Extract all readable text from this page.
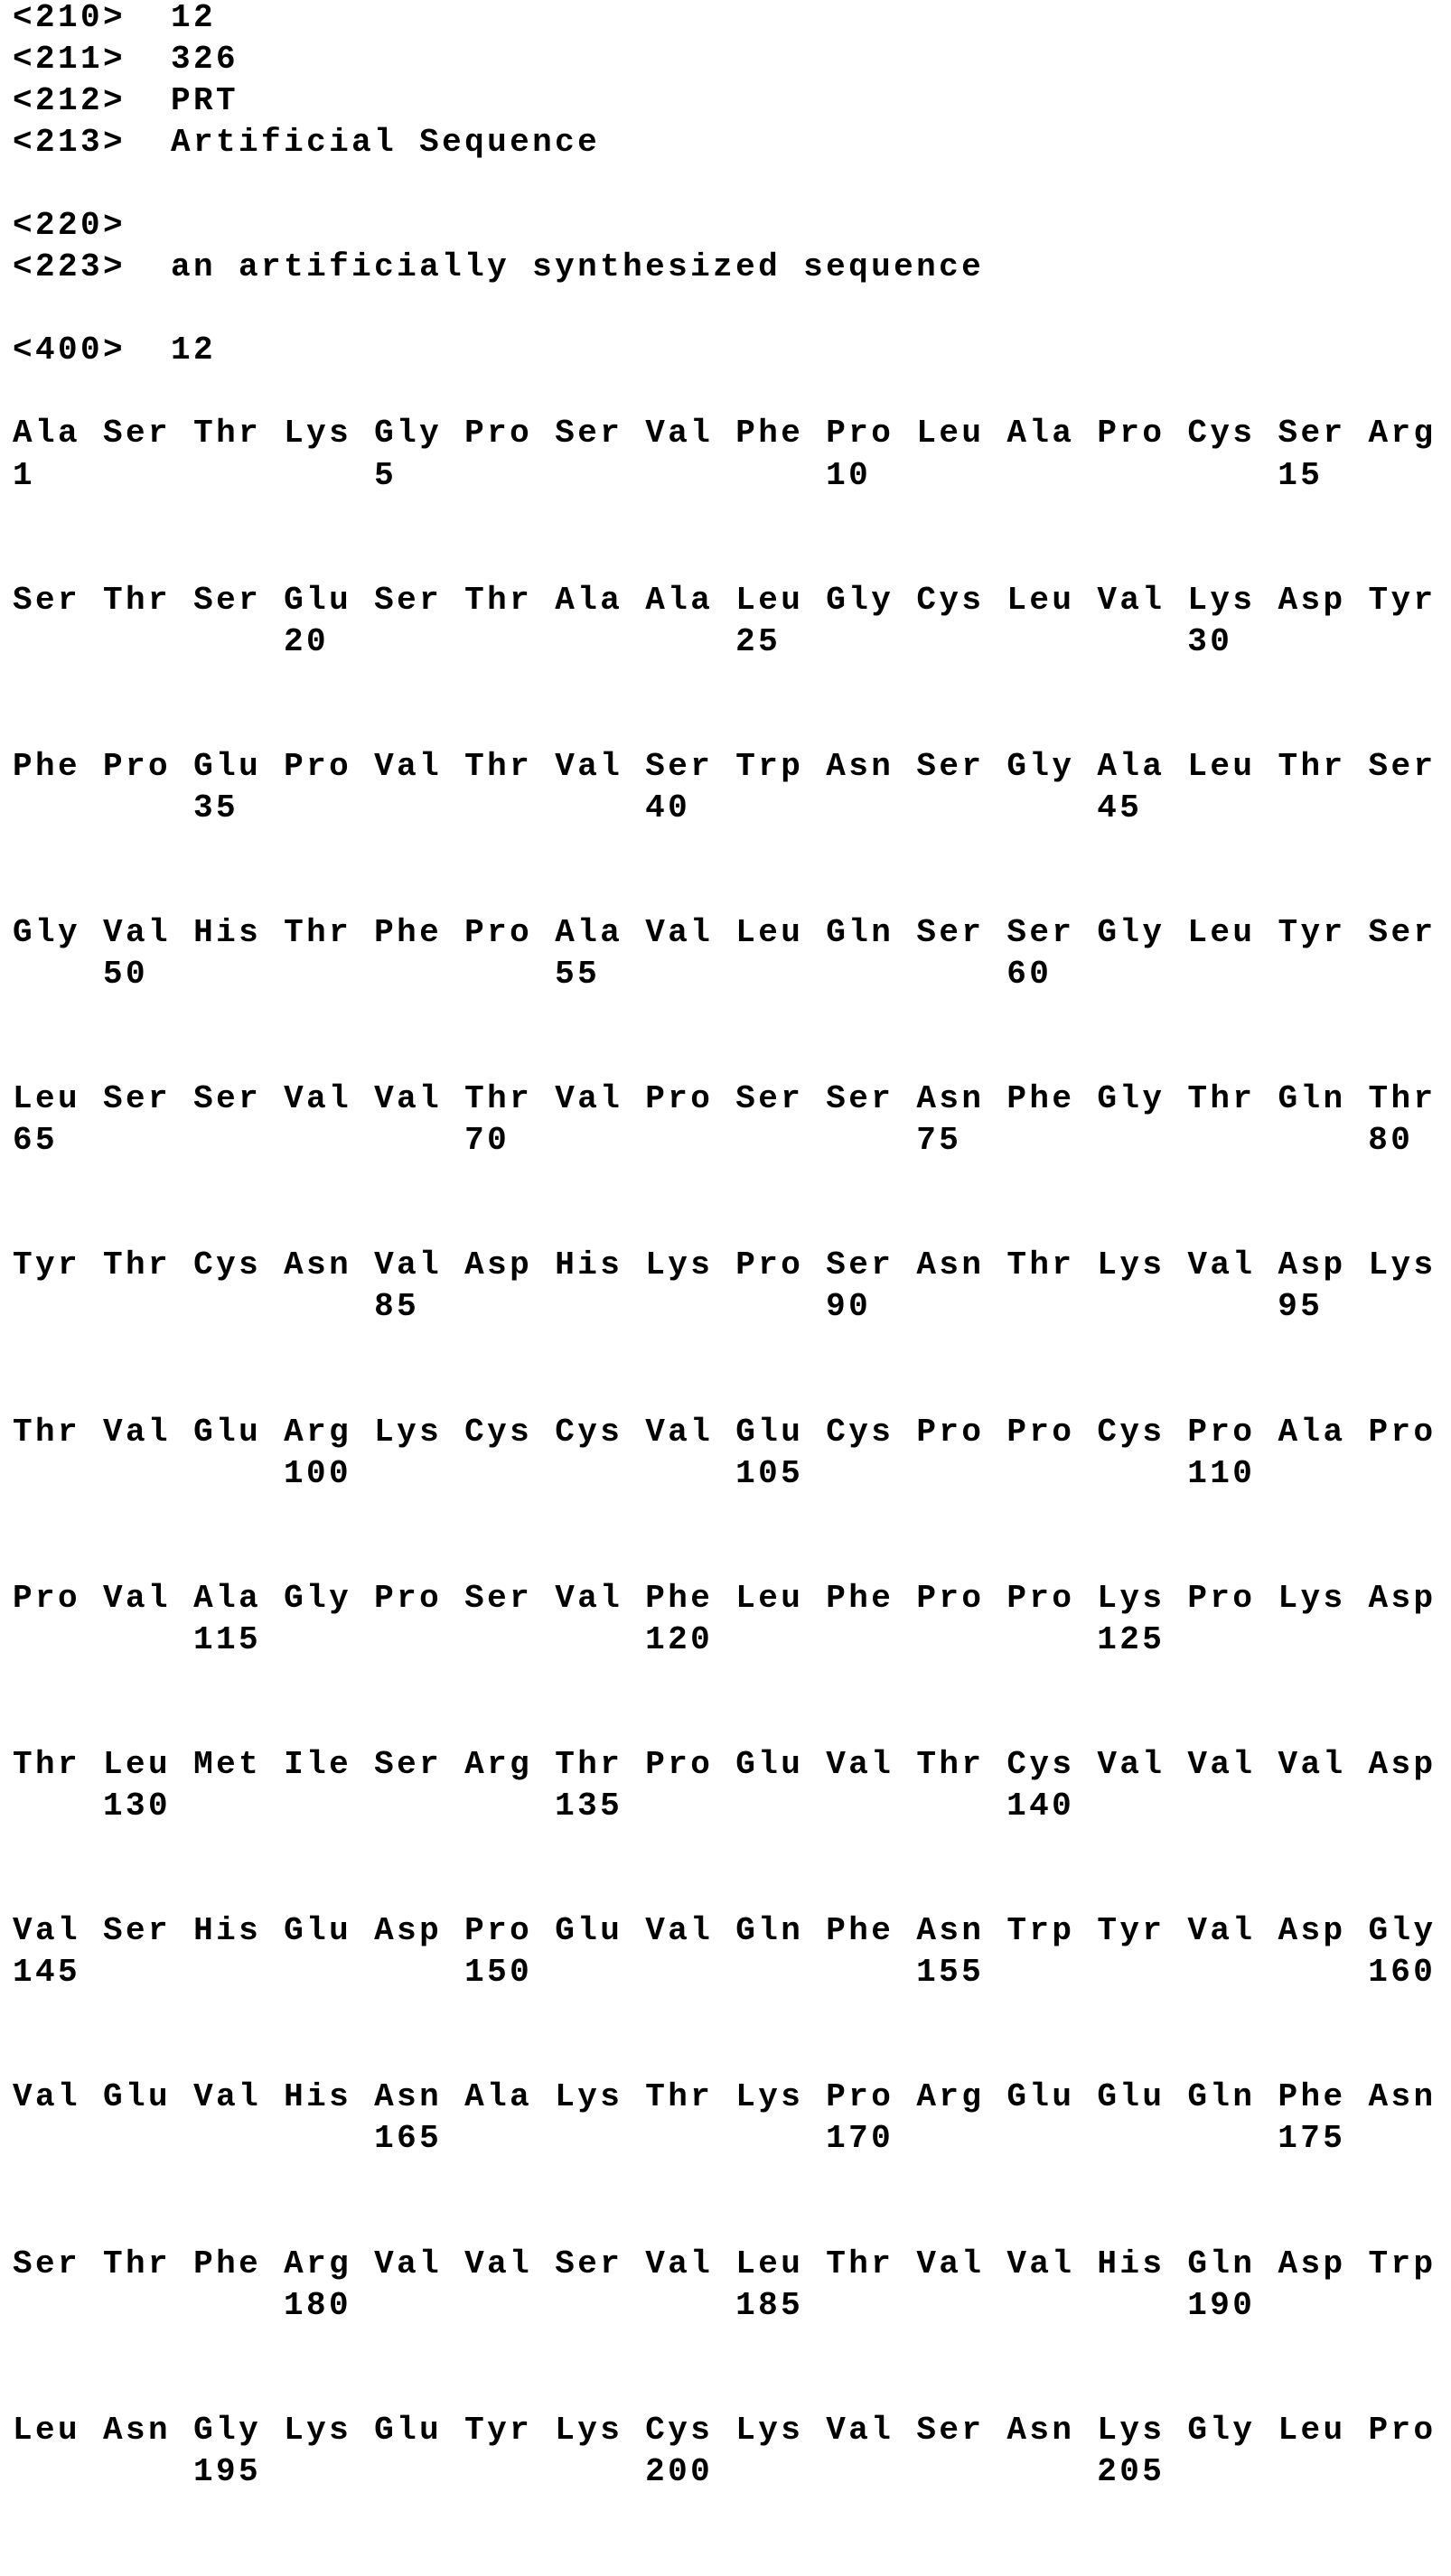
<210> 12
<211> 326
<212> PRT
<213> Artificial Sequence
<220>
<223> an artificially synthesized sequence
<400> 12
Ala Ser Thr Lys Gly Pro Ser Val Phe Pro Leu Ala Pro Cys Ser Arg
1	5	10	15
Ser Thr Ser Glu Ser Thr Ala Ala Leu Gly Cys Leu Val Lys Asp Tyr
20	25	30
Phe Pro Glu Pro Val Thr Val Ser Trp Asn Ser Gly Ala Leu Thr Ser
35	40	45
Gly Val His Thr Phe Pro Ala Val Leu Gln Ser Ser Gly Leu Tyr Ser
50	55	60
Leu Ser Ser Val Val Thr Val Pro Ser Ser Asn Phe Gly Thr Gln Thr
65	70	75	80
Tyr Thr Cys Asn Val Asp His Lys Pro Ser Asn Thr Lys Val Asp Lys
85	90	95
Thr Val Glu Arg Lys Cys Cys Val Glu Cys Pro Pro Cys Pro Ala Pro
100	105	110
Pro Val Ala Gly Pro Ser Val Phe Leu Phe Pro Pro Lys Pro Lys Asp
115	120	125
Thr Leu Met Ile Ser Arg Thr Pro Glu Val Thr Cys Val Val Val Asp
130	135	140
Val Ser His Glu Asp Pro Glu Val Gln Phe Asn Trp Tyr Val Asp Gly
145	150	155	160
Val Glu Val His Asn Ala Lys Thr Lys Pro Arg Glu Glu Gln Phe Asn
165	170	175
Ser Thr Phe Arg Val Val Ser Val Leu Thr Val Val His Gln Asp Trp
180	185	190
Leu Asn Gly Lys Glu Tyr Lys Cys Lys Val Ser Asn Lys Gly Leu Pro
195	200	205
